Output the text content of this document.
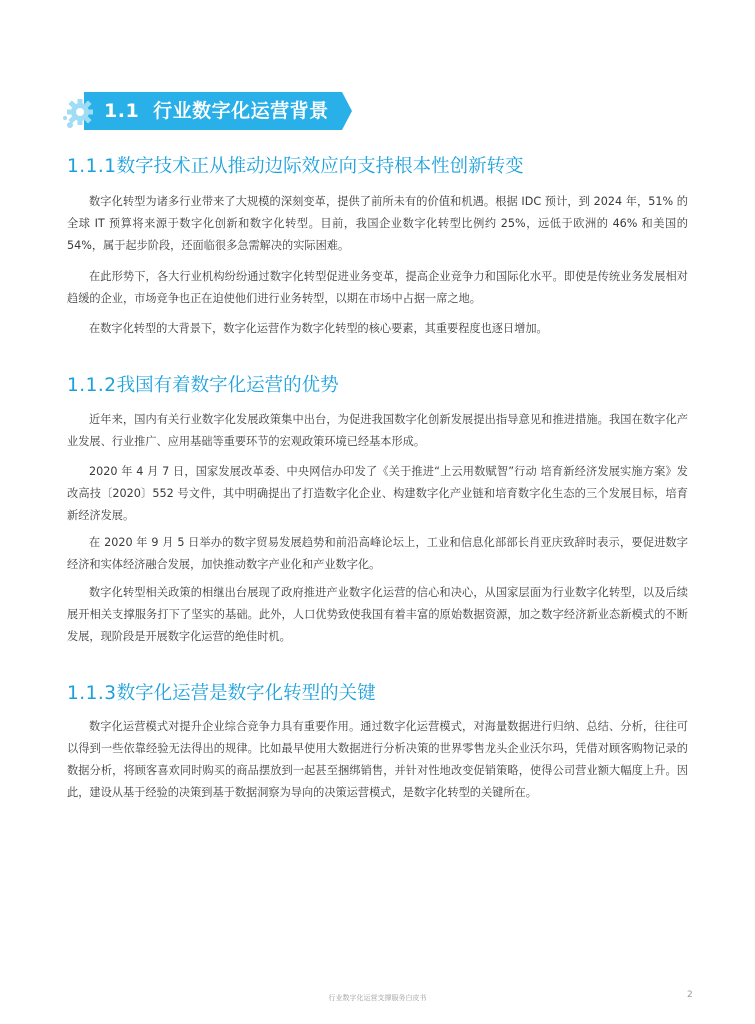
1.1 行业数字化运营背景
1.1.1数字技术正从推动边际效应向支持根本性创新转变

数字化转型为诸多行业带来了大规模的深刻变革，提供了前所未有的价值和机遇。根据 IDC 预计，到 2024 年，51% 的全球 IT 预算将来源于数字化创新和数字化转型。目前，我国企业数字化转型比例约 25%，远低于欧洲的 46% 和美国的 54%，属于起步阶段，还面临很多急需解决的实际困难。

在此形势下，各大行业机构纷纷通过数字化转型促进业务变革，提高企业竞争力和国际化水平。即使是传统业务发展相对趋缓的企业，市场竞争也正在迫使他们进行业务转型，以期在市场中占据一席之地。

在数字化转型的大背景下，数字化运营作为数字化转型的核心要素，其重要程度也逐日增加。

1.1.2我国有着数字化运营的优势

近年来，国内有关行业数字化发展政策集中出台，为促进我国数字化创新发展提出指导意见和推进措施。我国在数字化产业发展、行业推广、应用基础等重要环节的宏观政策环境已经基本形成。

2020 年 4 月 7 日，国家发展改革委、中央网信办印发了《关于推进“上云用数赋智”行动 培育新经济发展实施方案》发改高技〔2020〕552 号文件，其中明确提出了打造数字化企业、构建数字化产业链和培育数字化生态的三个发展目标，培育新经济发展。

在 2020 年 9 月 5 日举办的数字贸易发展趋势和前沿高峰论坛上，工业和信息化部部长肖亚庆致辞时表示，要促进数字经济和实体经济融合发展，加快推动数字产业化和产业数字化。

数字化转型相关政策的相继出台展现了政府推进产业数字化运营的信心和决心，从国家层面为行业数字化转型，以及后续展开相关支撑服务打下了坚实的基础。此外，人口优势致使我国有着丰富的原始数据资源，加之数字经济新业态新模式的不断发展，现阶段是开展数字化运营的绝佳时机。

1.1.3数字化运营是数字化转型的关键

数字化运营模式对提升企业综合竞争力具有重要作用。通过数字化运营模式，对海量数据进行归纳、总结、分析，往往可以得到一些依靠经验无法得出的规律。比如最早使用大数据进行分析决策的世界零售龙头企业沃尔玛，凭借对顾客购物记录的数据分析，将顾客喜欢同时购买的商品摆放到一起甚至捆绑销售，并针对性地改变促销策略，使得公司营业额大幅度上升。因此，建设从基于经验的决策到基于数据洞察为导向的决策运营模式，是数字化转型的关键所在。

行业数字化运营支撑服务白皮书	2
